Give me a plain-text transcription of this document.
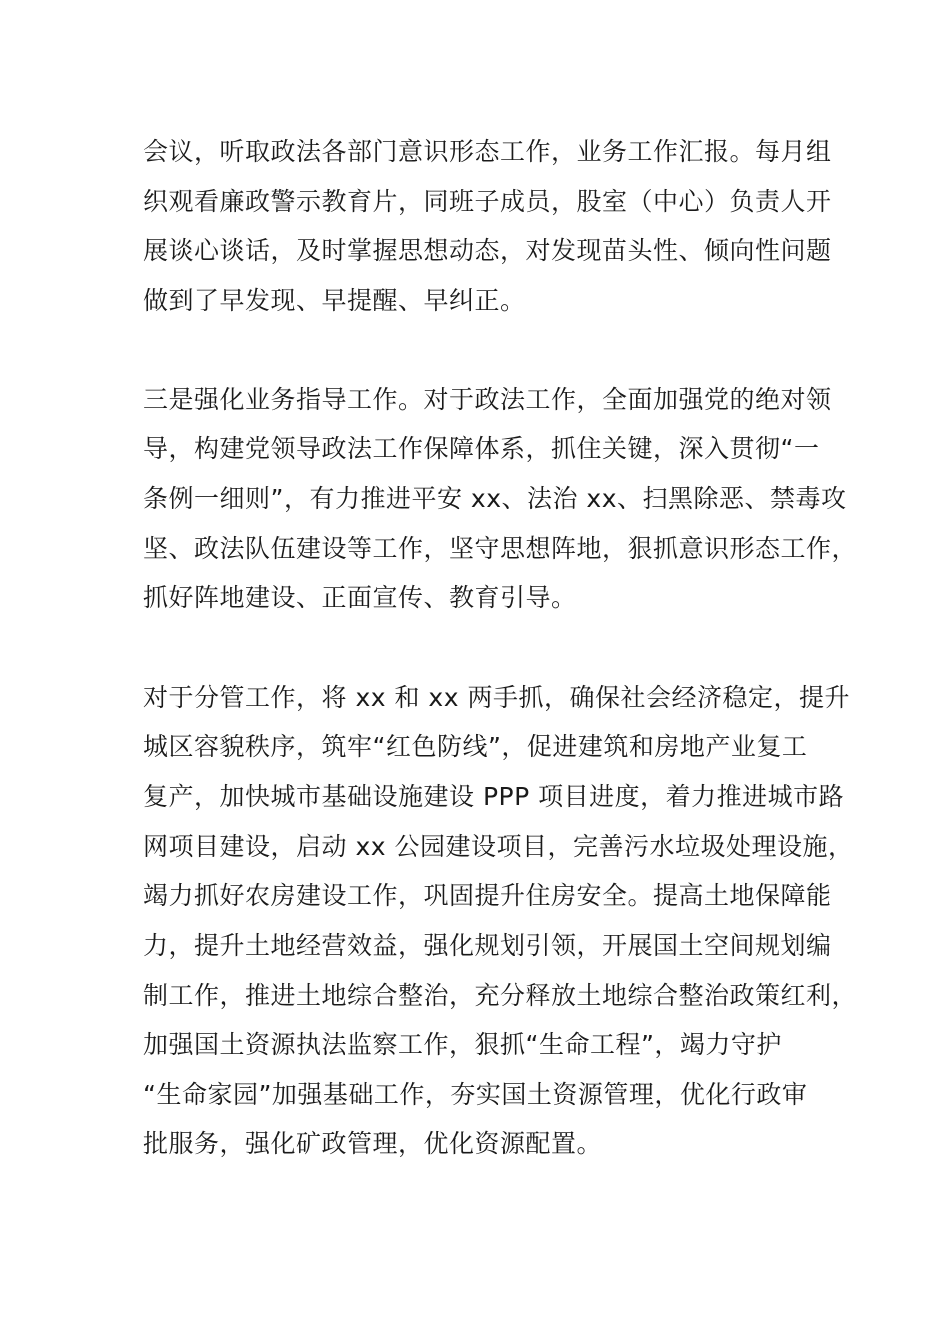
会议，听取政法各部门意识形态工作，业务工作汇报。每月组
织观看廉政警示教育片，同班子成员，股室（中心）负责人开
展谈心谈话，及时掌握思想动态，对发现苗头性、倾向性问题
做到了早发现、早提醒、早纠正。
三是强化业务指导工作。对于政法工作，全面加强党的绝对领
导，构建党领导政法工作保障体系，抓住关键，深入贯彻“一
条例一细则”，有力推进平安 xx、法治 xx、扫黑除恶、禁毒攻
坚、政法队伍建设等工作，坚守思想阵地，狠抓意识形态工作，
抓好阵地建设、正面宣传、教育引导。
对于分管工作，将 xx 和 xx 两手抓，确保社会经济稳定，提升
城区容貌秩序，筑牢“红色防线”，促进建筑和房地产业复工
复产，加快城市基础设施建设 PPP 项目进度，着力推进城市路
网项目建设，启动 xx 公园建设项目，完善污水垃圾处理设施，
竭力抓好农房建设工作，巩固提升住房安全。提高土地保障能
力，提升土地经营效益，强化规划引领，开展国土空间规划编
制工作，推进土地综合整治，充分释放土地综合整治政策红利，
加强国土资源执法监察工作，狠抓“生命工程”，竭力守护
“生命家园”加强基础工作，夯实国土资源管理，优化行政审
批服务，强化矿政管理，优化资源配置。
